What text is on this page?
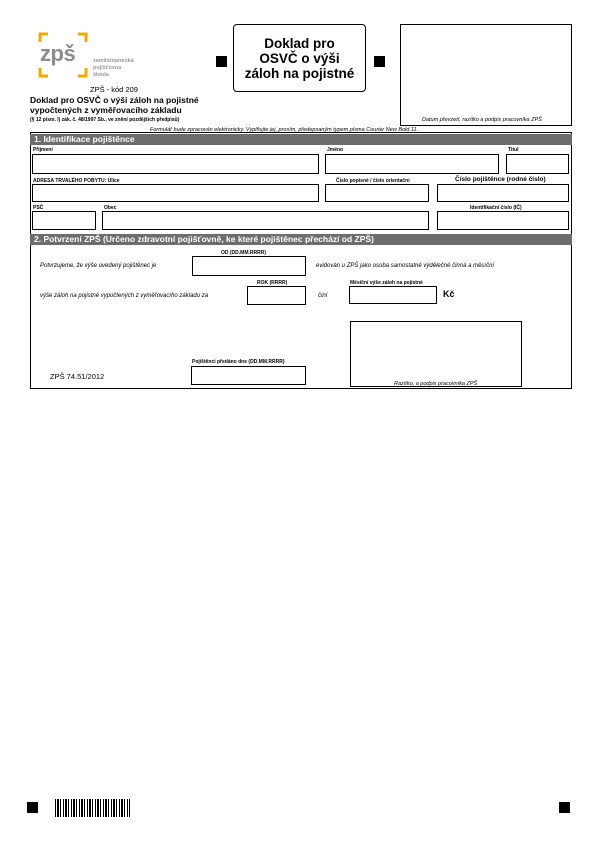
zpš	zaměstnanecká
pojišťovna
škoda
ZPŠ - kód 209
Doklad pro OSVČ o výši záloh na pojistné vypočtených z vyměřovacího základu
(§ 12 písm. l) zák. č. 48/1997 Sb., ve znění pozdějších předpisů)
Doklad pro OSVČ o výši záloh na pojistné
Datum převzetí, razítko a podpis pracovníka ZPŠ
Formulář bude zpracován elektronicky. Vyplňujte jej, prosím, předepsaným typem písma Courier New Bold 11.
1. Identifikace pojištěnce
Příjmení	Jméno	Titul
ADRESA TRVALÉHO POBYTU: Ulice	Číslo popisné / číslo orientační	Číslo pojištěnce (rodné číslo)
PSČ	Obec	Identifikační číslo (IČ)
2. Potvrzení ZPŠ (Určeno zdravotní pojišťovně, ke které pojištěnec přechází od ZPŠ)
OD (DD.MM.RRRR)
Potvrzujeme, že výše uvedený pojištěnec je	evidován u ZPŠ jako osoba samostatně výdělečné činná a měsíční
ROK (RRRR)
výše záloh na pojistné vypočtených z vyměřovacího základu za	činí
Měsíční výše záloh na pojistné
Kč
Razítko, a podpis pracovníka ZPŠ
Pojištěnci předáno dne (DD.MM.RRRR)
ZPŠ 74.51/2012
